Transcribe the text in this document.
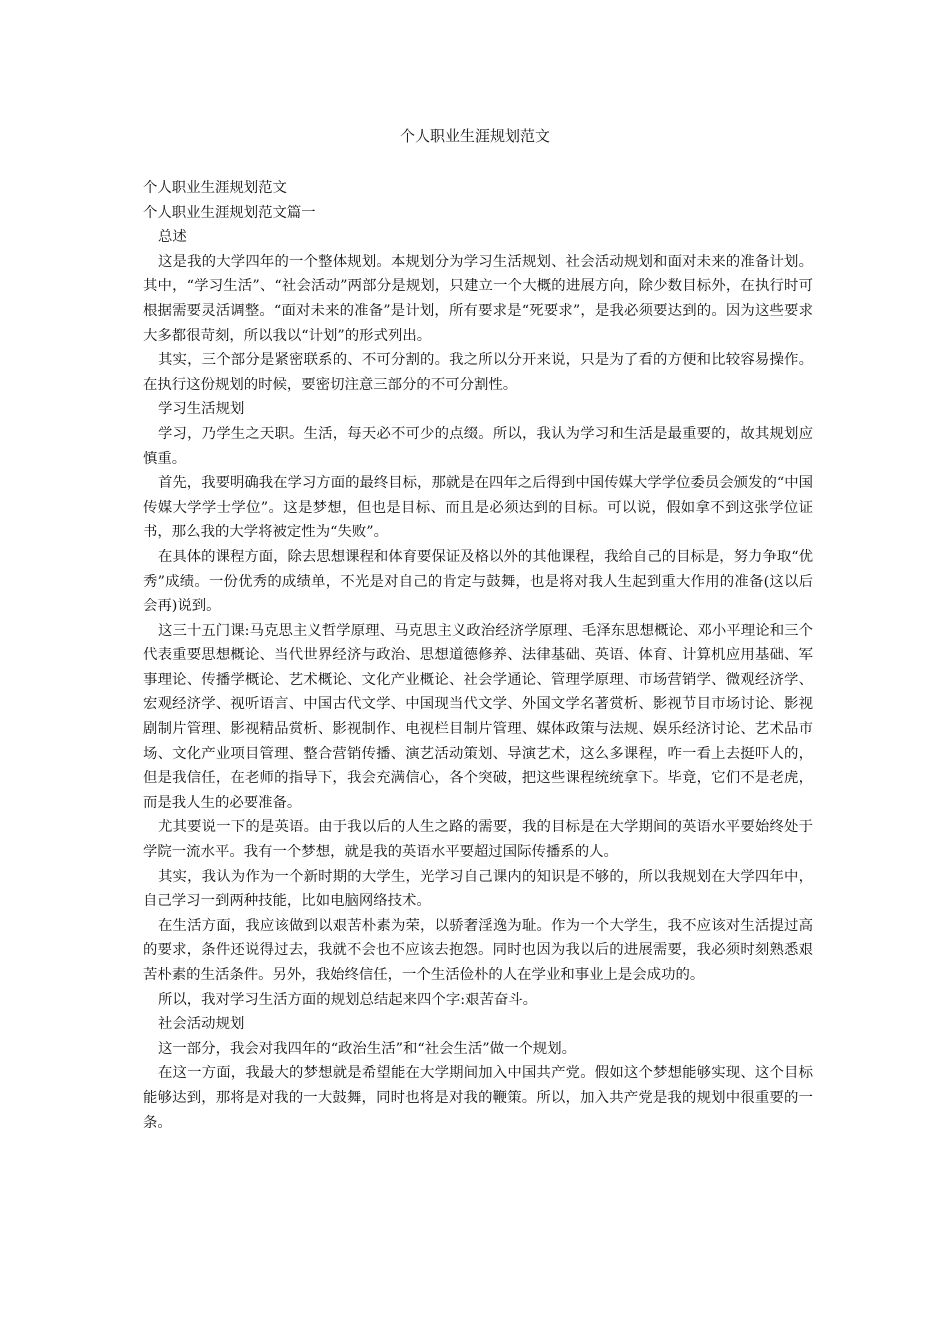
个人职业生涯规划范文

个人职业生涯规划范文

个人职业生涯规划范文篇一

总述

这是我的大学四年的一个整体规划。本规划分为学习生活规划、社会活动规划和面对未来的准备计划。其中，“学习生活”、“社会活动”两部分是规划，只建立一个大概的进展方向，除少数目标外，在执行时可根据需要灵活调整。“面对未来的准备”是计划，所有要求是“死要求”，是我必须要达到的。因为这些要求大多都很苛刻，所以我以“计划”的形式列出。

其实，三个部分是紧密联系的、不可分割的。我之所以分开来说，只是为了看的方便和比较容易操作。在执行这份规划的时候，要密切注意三部分的不可分割性。

学习生活规划

学习，乃学生之天职。生活，每天必不可少的点缀。所以，我认为学习和生活是最重要的，故其规划应慎重。

首先，我要明确我在学习方面的最终目标，那就是在四年之后得到中国传媒大学学位委员会颁发的“中国传媒大学学士学位”。这是梦想，但也是目标、而且是必须达到的目标。可以说，假如拿不到这张学位证书，那么我的大学将被定性为“失败”。

在具体的课程方面，除去思想课程和体育要保证及格以外的其他课程，我给自己的目标是，努力争取“优秀”成绩。一份优秀的成绩单，不光是对自己的肯定与鼓舞，也是将对我人生起到重大作用的准备(这以后会再)说到。

这三十五门课:马克思主义哲学原理、马克思主义政治经济学原理、毛泽东思想概论、邓小平理论和三个代表重要思想概论、当代世界经济与政治、思想道德修养、法律基础、英语、体育、计算机应用基础、军事理论、传播学概论、艺术概论、文化产业概论、社会学通论、管理学原理、市场营销学、微观经济学、宏观经济学、视听语言、中国古代文学、中国现当代文学、外国文学名著赏析、影视节目市场讨论、影视剧制片管理、影视精品赏析、影视制作、电视栏目制片管理、媒体政策与法规、娱乐经济讨论、艺术品市场、文化产业项目管理、整合营销传播、演艺活动策划、导演艺术，这么多课程，咋一看上去挺吓人的，但是我信任，在老师的指导下，我会充满信心，各个突破，把这些课程统统拿下。毕竟，它们不是老虎，而是我人生的必要准备。

尤其要说一下的是英语。由于我以后的人生之路的需要，我的目标是在大学期间的英语水平要始终处于学院一流水平。我有一个梦想，就是我的英语水平要超过国际传播系的人。

其实，我认为作为一个新时期的大学生，光学习自己课内的知识是不够的，所以我规划在大学四年中，自己学习一到两种技能，比如电脑网络技术。

在生活方面，我应该做到以艰苦朴素为荣，以骄奢淫逸为耻。作为一个大学生，我不应该对生活提过高的要求，条件还说得过去，我就不会也不应该去抱怨。同时也因为我以后的进展需要，我必须时刻熟悉艰苦朴素的生活条件。另外，我始终信任，一个生活俭朴的人在学业和事业上是会成功的。

所以，我对学习生活方面的规划总结起来四个字:艰苦奋斗。

社会活动规划

这一部分，我会对我四年的“政治生活”和“社会生活”做一个规划。

在这一方面，我最大的梦想就是希望能在大学期间加入中国共产党。假如这个梦想能够实现、这个目标能够达到，那将是对我的一大鼓舞，同时也将是对我的鞭策。所以，加入共产党是我的规划中很重要的一条。
